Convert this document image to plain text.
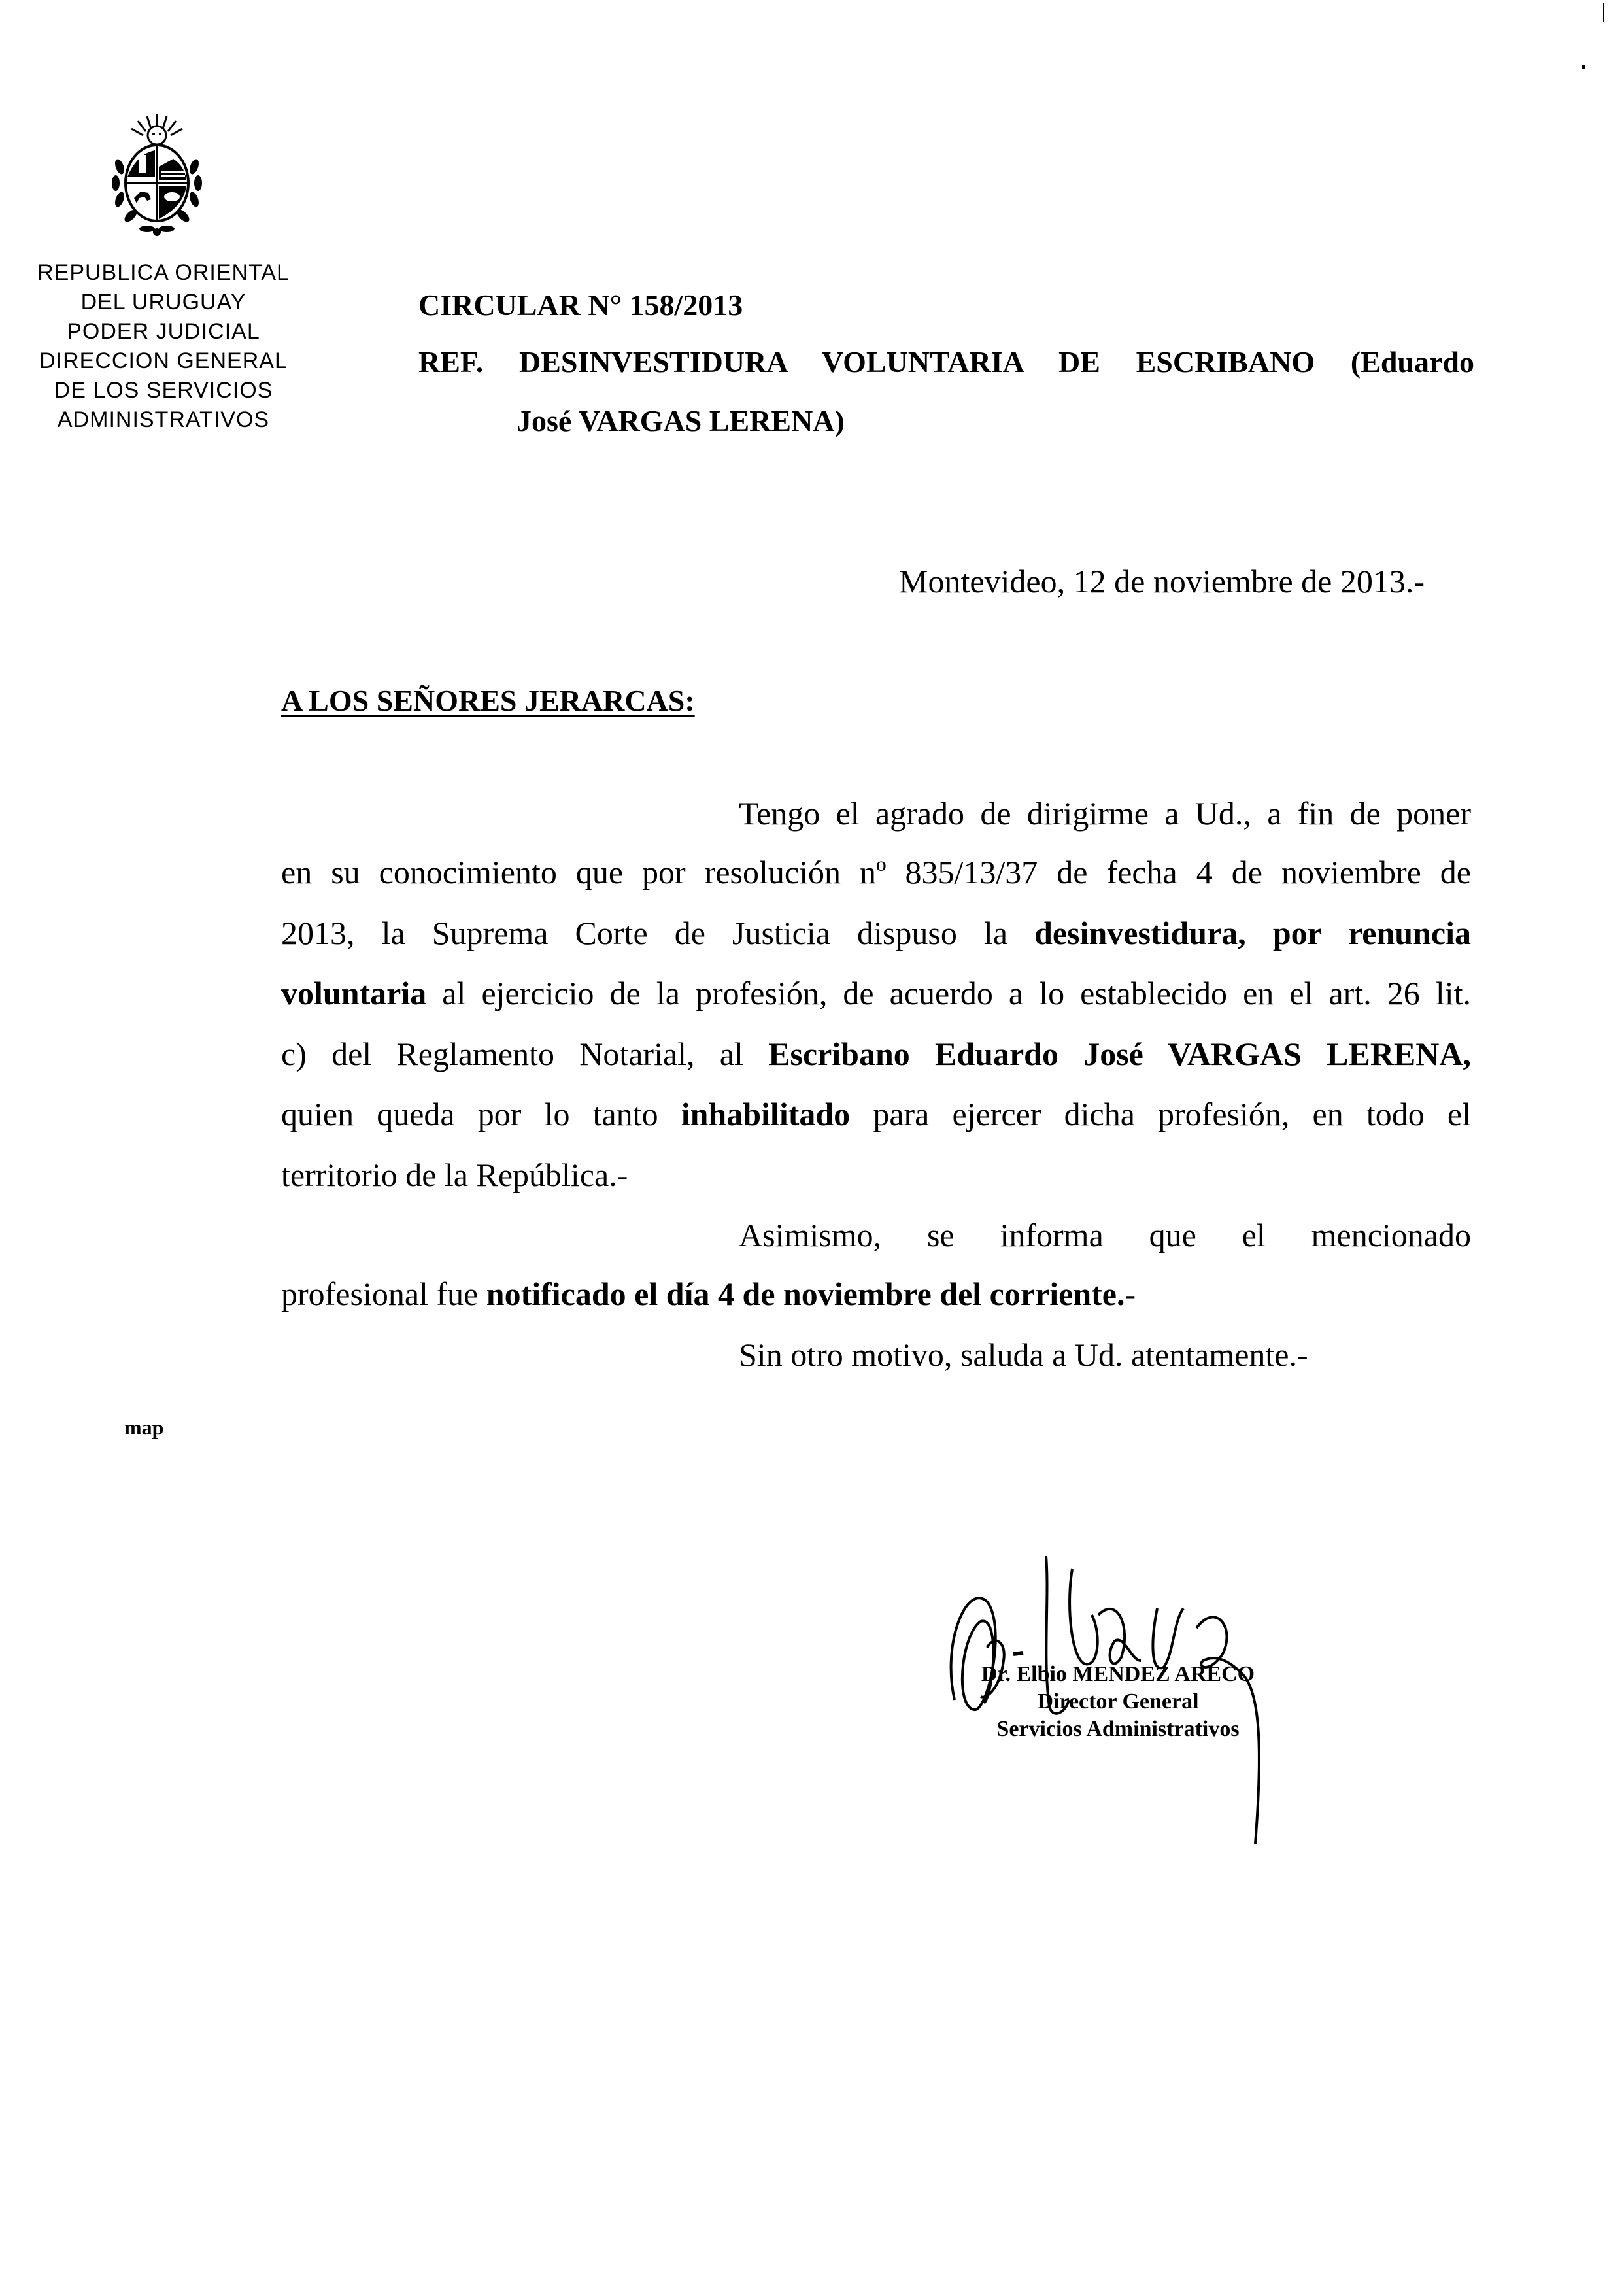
REPUBLICA ORIENTAL
DEL URUGUAY
PODER JUDICIAL
DIRECCION GENERAL
DE LOS SERVICIOS
ADMINISTRATIVOS
CIRCULAR N° 158/2013
REF. DESINVESTIDURA VOLUNTARIA DE ESCRIBANO (Eduardo
José VARGAS LERENA)
Montevideo, 12 de noviembre de 2013.-
A LOS SEÑORES JERARCAS:
Tengo el agrado de dirigirme a Ud., a fin de poner
en su conocimiento que por resolución nº 835/13/37 de fecha 4 de noviembre de
2013, la Suprema Corte de Justicia dispuso la desinvestidura, por renuncia
voluntaria al ejercicio de la profesión, de acuerdo a lo establecido en el art. 26 lit.
c) del Reglamento Notarial, al Escribano Eduardo José VARGAS LERENA,
quien queda por lo tanto inhabilitado para ejercer dicha profesión, en todo el
territorio de la República.-
Asimismo, se informa que el mencionado
profesional fue notificado el día 4 de noviembre del corriente.-
Sin otro motivo, saluda a Ud. atentamente.-
map
Dr. Elbio MENDEZ ARECO
Director General
Servicios Administrativos
